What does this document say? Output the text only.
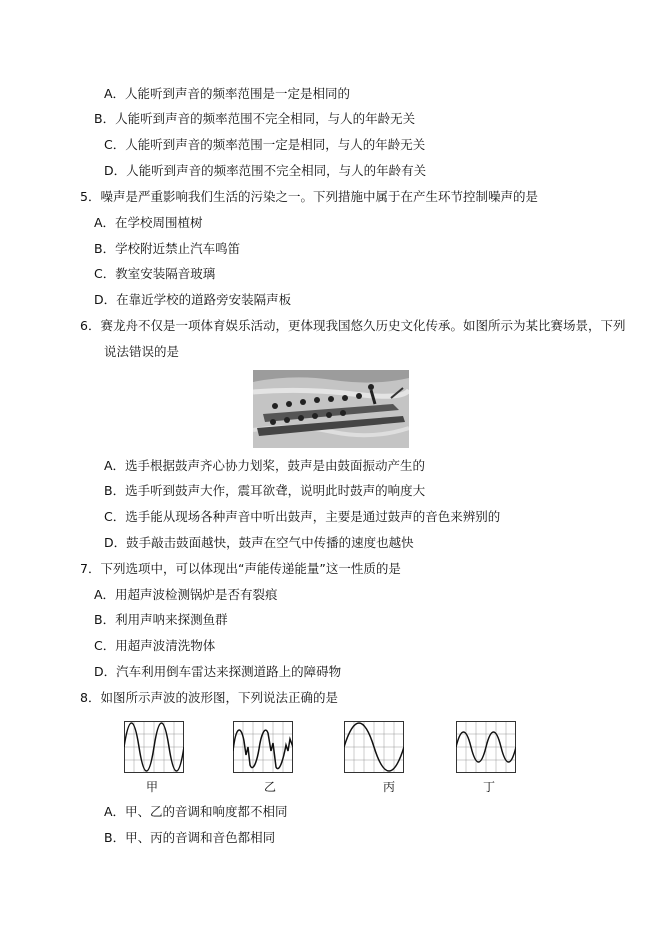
A．人能听到声音的频率范围是一定是相同的
B．人能听到声音的频率范围不完全相同，与人的年龄无关
C．人能听到声音的频率范围一定是相同，与人的年龄无关
D．人能听到声音的频率范围不完全相同，与人的年龄有关
5．噪声是严重影响我们生活的污染之一。下列措施中属于在产生环节控制噪声的是
A．在学校周围植树
B．学校附近禁止汽车鸣笛
C．教室安装隔音玻璃
D．在靠近学校的道路旁安装隔声板
6．赛龙舟不仅是一项体育娱乐活动，更体现我国悠久历史文化传承。如图所示为某比赛场景，下列
说法错误的是
A．选手根据鼓声齐心协力划桨，鼓声是由鼓面振动产生的
B．选手听到鼓声大作，震耳欲聋，说明此时鼓声的响度大
C．选手能从现场各种声音中听出鼓声，主要是通过鼓声的音色来辨别的
D．鼓手敲击鼓面越快，鼓声在空气中传播的速度也越快
7．下列选项中，可以体现出“声能传递能量”这一性质的是
A．用超声波检测锅炉是否有裂痕
B．利用声呐来探测鱼群
C．用超声波清洗物体
D．汽车利用倒车雷达来探测道路上的障碍物
8．如图所示声波的波形图，下列说法正确的是
甲	乙	丙	丁
A．甲、乙的音调和响度都不相同
B．甲、丙的音调和音色都相同
